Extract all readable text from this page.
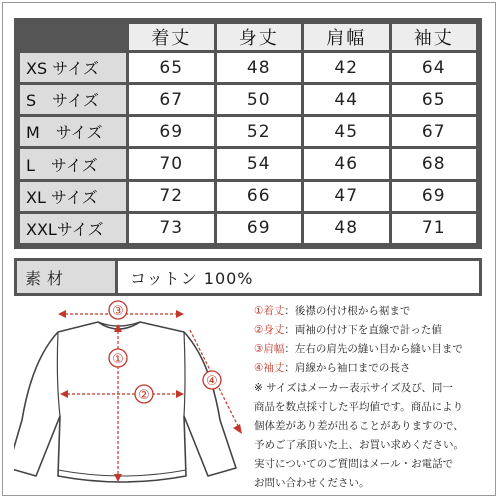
	着丈	身丈	肩幅	袖丈
XS サイズ	65	48	42	64
S　サイズ	67	50	44	65
M　サイズ	69	52	45	67
L　サイズ	70	54	46	68
XL サイズ	72	66	47	69
XXLサイズ	73	69	48	71
素材	コットン 100%
③
①
②
④
①着丈：後襟の付け根から裾まで
②身丈：両袖の付け下を直線で計った値
③肩幅：左右の肩先の縫い目から縫い目まで
④袖丈：肩線から袖口までの長さ
※ サイズはメーカー表示サイズ及び、同一
商品を数点採寸した平均値です。商品により
個体差があり差が出ることがありますので、
予めご了承頂いた上、お買い求めください。
実寸についてのご質問はメール・お電話で
お問い合わせください。
